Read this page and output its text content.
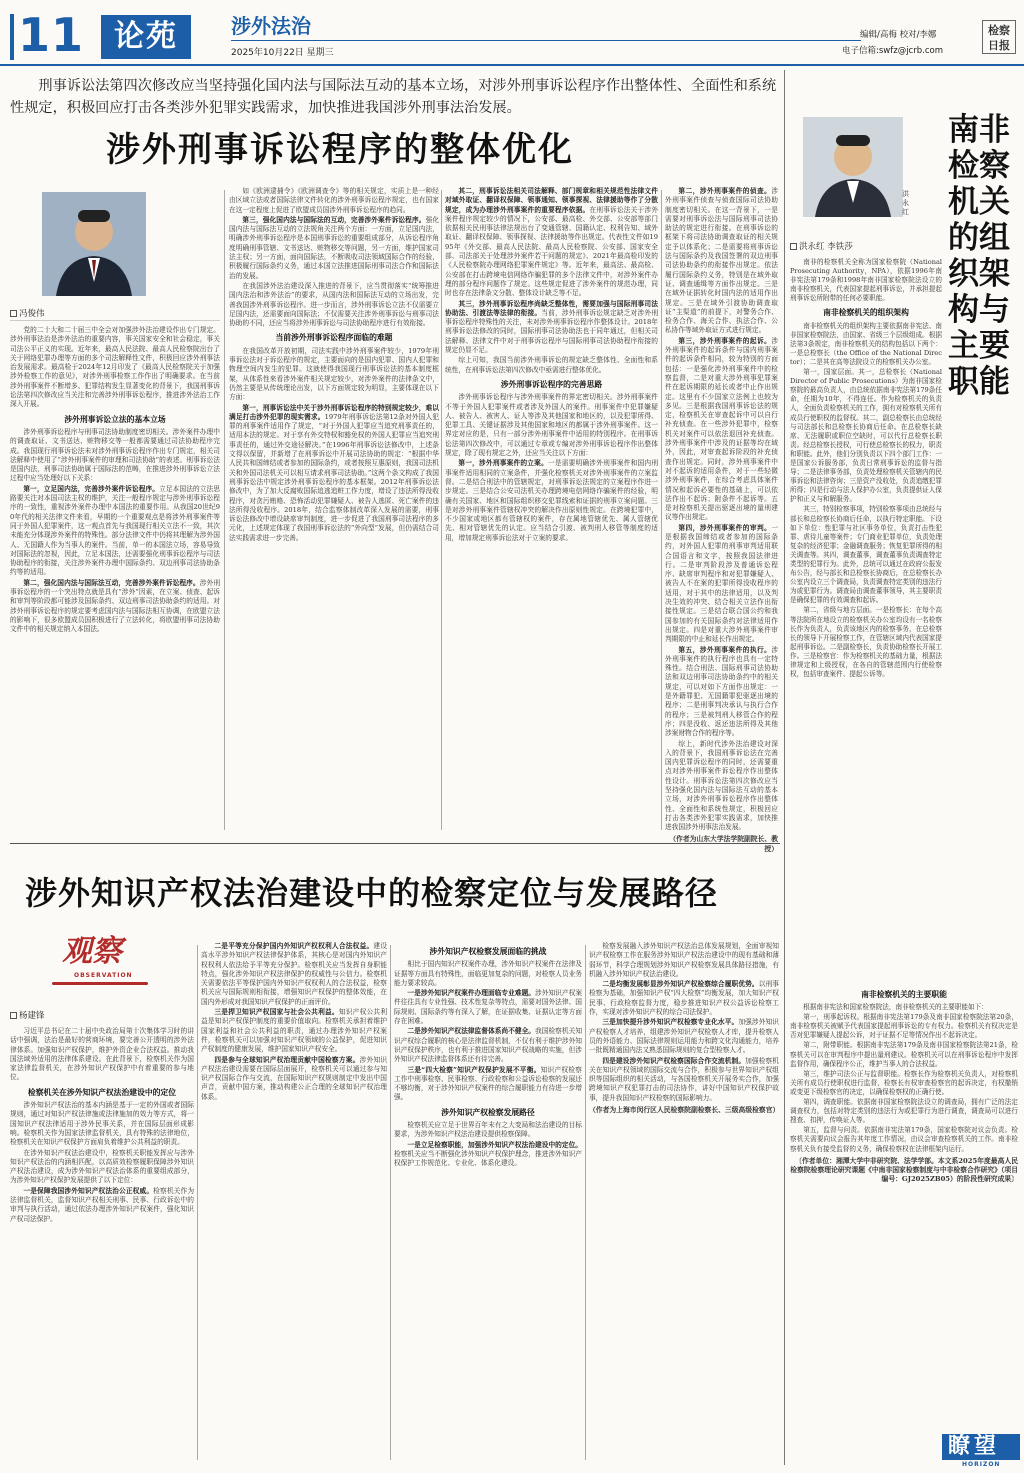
11 论苑	涉外法治
2025年10月22日 星期三
编辑/高梅 校对/李娜
电子信箱:swfz@jcrb.com
检察日报
刑事诉讼法第四次修改应当坚持强化国内法与国际法互动的基本立场，对涉外刑事诉讼程序作出整体性、全面性和系统性规定，积极回应打击各类涉外犯罪实践需求，加快推进我国涉外刑事法治发展。
涉外刑事诉讼程序的整体优化
冯俊伟

党的二十大和二十届三中全会对加强涉外法治建设作出专门规定。涉外刑事法治是涉外法治的重要内容，事关国家安全和社会稳定，事关司法公平正义的实现。近年来，最高人民法院、最高人民检察院出台了关于网络犯罪办理等方面的多个司法解释性文件，积极回应涉外刑事法治发展需求。最高检于2024年12月印发了《最高人民检察院关于加强涉外检察工作的意见》，对涉外刑事检察工作作出了明确要求。在当前涉外刑事案件不断增多、犯罪结构发生显著变化的背景下，我国刑事诉讼法第四次修改应当关注和完善涉外刑事诉讼程序，推进涉外法治工作深入开展。

涉外刑事诉讼立法的基本立场

涉外刑事诉讼程序与刑事司法协助制度密切相关。涉外案件办理中的调查取证、文书送达、赃物移交等一般都需要通过司法协助程序完成。我国现行刑事诉讼法未对涉外刑事诉讼程序作出专门规定，相关司法解释中使用了“涉外刑事案件的审理和司法协助”的表述。刑事诉讼法是国内法，刑事司法协助属于国际法的范畴，在推进涉外刑事诉讼立法过程中应当处理好以下关系：

第一，立足国内法，完善涉外案件诉讼程序。立足本国法的立法思路要关注对本国司法主权的维护，关注一般程序规定与涉外刑事诉讼程序的一致性，重视涉外案件办理中本国法的重要作用。从我国20世纪90年代的相关法律文件来看，早期的一个重要观点是将涉外刑事案件等同于外国人犯罪案件，这一观点首先与我国现行相关立法不一致，其次未能充分体现涉外案件的特殊性。部分法律文件中仍将其理解为涉外国人、无国籍人作为当事人的案件。当前，单一的本国法立场，容易导致对国际法的忽视，因此，立足本国法，还需要强化刑事诉讼程序与司法协助程序的衔接，关注涉外案件办理中国际条约、双边刑事司法协助条约等的适用。

第二，强化国内法与国际法互动，完善涉外案件诉讼程序。涉外刑事诉讼程序的一个突出特点就是具有“涉外”因素，在立案、侦查、起诉和审判等阶段都可能涉及国际条约、双边刑事司法协助条约的适用。对涉外刑事诉讼程序的规定要考虑国内法与国际法相互协调，在欧盟立法的影响下，很多欧盟成员国积极进行了立法转化，将欧盟刑事司法协助文件中的相关规定纳入本国法。

如《欧洲逮捕令》《欧洲调查令》等的相关规定，实质上是一种经由区域立法或者国际法律文件转化的涉外刑事诉讼程序规定，也有国家在这一定程度上促进了欧盟成员国涉外刑事诉讼程序的趋同。

第三，强化国内法与国际法的互动，完善涉外案件诉讼程序。强化国内法与国际法互动的立法规角关注两个方面：一方面，立足国内法，明确涉外刑事诉讼程序是本国刑事诉讼的重要组成部分，从诉讼程序角度明确刑事管辖、文书送达、赃物移交等问题，另一方面，维护国家司法主权；另一方面，面向国际法，不断吸收司法领域国际合作的经验，积极履行国际条约义务，通过本国立法推进国际刑事司法合作和国际法治的发展。

在我国涉外法治建设深入推进的背景下，应当贯彻落实“统筹推进国内法治和涉外法治”的要求，从国内法和国际法互动的立场出发，完善我国涉外刑事诉讼程序。进一步而言，涉外刑事诉讼立法不仅需要立足国内法，还需要面向国际法；不仅需要关注涉外刑事诉讼与刑事司法协助的不同，还应当将涉外刑事诉讼与司法协助程序进行有效衔接。

当前涉外刑事诉讼程序面临的难题

在我国改革开放初期，司法实践中涉外刑事案件较少，1979年刑事诉讼法对于诉讼程序的规定，主要面向的是国内犯罪、国内人犯罪和物理空间内发生的犯罪。这就使得我国现行刑事诉讼法的基本制度框架，从体系性来看涉外案件相关规定较少，对涉外案件的法律条文中，仍然主要是从传统理论出发，以下方面规定较为明显，主要体现在以下方面：

第一，刑事诉讼法中关于涉外刑事诉讼程序的特别规定较少，难以满足打击涉外犯罪的现实需求。1979年刑事诉讼法第12条对外国人犯罪的刑事案件适用作了规定，“对于外国人犯罪应当追究刑事责任的，适用本法的规定。对于享有外交特权和豁免权的外国人犯罪应当追究刑事责任的，通过外交途径解决。”在1996年刑事诉讼法修改中，上述条文得以保留，并新增了在刑事诉讼中开展司法协助的规定：“根据中华人民共和国缔结或者参加的国际条约，或者按照互惠原则，我国司法机关和外国司法机关可以相互请求刑事司法协助。”这两个条文构成了我国刑事诉讼法中规定涉外刑事诉讼程序的基本框架。2012年刑事诉讼法修改中，为了加大反腐败国际追逃追赃工作力度，增设了违法所得没收程序，对贪污贿赂、恐怖活动犯罪嫌疑人、被告人逃匿、死亡案件的违法所得没收程序。2018年，结合监察体制改革深入发展的需要，刑事诉讼法修改中增设缺席审判制度，进一步促进了我国刑事司法程序的多元化，上述规定体现了我国刑事诉讼法的“外向型”发展，但仍需结合司法实践需求进一步完善。

其二，刑事诉讼法相关司法解释、部门规章和相关规范性法律文件对域外取证、翻译权保障、领事通知、领事探视、法律援助等作了分散规定，成为办理涉外刑事案件的重要程序依据。在刑事诉讼法关于涉外案件程序规定较少的情况下，公安部、最高检、外交部、公安部等部门依据相关民刑事法律法规出台了变通管辖、国籍认定、权利告知、域外取证、翻译权保障、领事探视、法律援助等作出规定。代表性文件如1995年《外交部、最高人民法院、最高人民检察院、公安部、国家安全部、司法部关于处理涉外案件若干问题的规定》、2021年最高检印发的《人民检察院办理网络犯罪案件规定》等。近年来，最高法、最高检、公安部在打击跨境电信网络诈骗犯罪的多个法律文件中，对涉外案件办理的部分程序问题作了规定。这些规定促进了涉外案件的规范办理，同时也存在法律条文分散、整体设计缺乏等不足。

其三，涉外刑事诉讼程序尚缺乏整体性，需要加强与国际刑事司法协助法、引渡法等法律的衔接。当前，涉外刑事诉讼规定缺乏对涉外刑事诉讼程序特殊性的关注，未对涉外刑事诉讼程序作整体设计。2018年刑事诉讼法修改的同时，国际刑事司法协助法也于同年通过，但相关司法解释、法律文件中对于刑事诉讼程序与国际刑事司法协助程序衔接的规定仍显不足。

综上可知，我国当前涉外刑事诉讼的规定缺乏整体性、全面性和系统性，在刑事诉讼法第四次修改中亟需进行整体优化。

涉外刑事诉讼程序的完善思路

涉外刑事诉讼程序与涉外刑事案件的界定密切相关。涉外刑事案件不等于外国人犯罪案件或者涉及外国人的案件。刑事案件中犯罪嫌疑人、被告人、被害人、证人等涉及其他国家和地区的，以及犯罪所得、犯罪工具、关键证据涉及其他国家和地区的都属于涉外刑事案件。这一界定对应的是，只有一部分涉外刑事案件中适用的特别程序。在刑事诉讼法第四次修改中，可以通过专章或专编对涉外刑事诉讼程序作出整体规定，除了现有规定之外，还应当关注以下方面：

第一，涉外刑事案件的立案。一是需要明确涉外刑事案件和国内刑事案件适用相同的立案条件，并强化检察机关对涉外刑事案件的立案监督。二是结合刑法中的管辖规定，对刑事诉讼法规定的立案程序作进一步规定。三是结合公安司法机关办理跨境电信网络诈骗案件的经验，明确有关国家、地区和国际组织移交犯罪线索和证据的刑事立案问题。三是对涉外刑事案件管辖权冲突的解决作出原则性规定。在跨境犯罪中，不少国家或地区都有管辖权的案件，存在属地管辖优先、属人管辖优先、相对管辖优先的认定。应当结合引渡、被判刑人移管等制度的适用，增加规定刑事诉讼法对于立案的要求。

第二，涉外刑事案件的侦查。涉外刑事案件侦查与侦查国际司法协助制度密切相关。在这一背景下，一是需要对刑事诉讼法与国际刑事司法协助法的规定进行衔接。在刑事诉讼的框架下将司法协助调查取证的相关规定予以体系化；二是需要将刑事诉讼法与国际条约及我国签署的双边刑事司法协助条约的衔接作出规定。依法履行国际条约义务，特别是在域外取证、调查通缉等方面作出规定。三是在域外证据转化时国内法的适用作出规定。三是在域外引渡协助调查取证“主渠道”的前提下，对警务合作、检务合作、海关合作、执法合作、公私协作等域外取证方式进行规定。

第三，涉外刑事案件的起诉。涉外刑事案件的起诉条件与国内刑事案件的起诉条件相同，较为特别的方面包括：一是强化涉外刑事案件中的检察监督，二是对重大涉外刑事犯罪案件在起诉期限的延长或者中止作出规定。这里有不少国家立法例上也较为多见。三是根据我国刑事诉讼法的规定，检察机关在审查起诉中可以自行补充侦查。在一些涉外犯罪中，检察机关对案件可以依法退回补充侦查。涉外刑事案件中涉及的证据等均在域外，因此，对审查起诉阶段的补充侦查作出规定。同时，涉外刑事案件中对不起诉的适用条件，对于一些轻微涉外刑事案件，在综合考虑具体案件情况和起诉必要性的基础上，可以依法作出不起诉；附条件不起诉等。五是对检察机关提出驱逐出境的量刑建议等作出规定。

第四，涉外刑事案件的审判。一是根据我国缔结或者参加的国际条约，对外国人犯罪的刑事审判适用联合国语言和文字，按照我国法律进行。二是审判阶段涉及普通诉讼程序、缺席审判程序和对犯罪嫌疑人、被告人不在案的犯罪所得没收程序的适用，对于其中的法律适用，以及判决生效的冲突、结合相关立法作出衔接性规定。三是结合联合国公约和我国参加的有关国际条约对法律适用作出规定。四是对重大涉外刑事案件审判期限的中止和延长作出规定。

第五，涉外刑事案件的执行。涉外刑事案件的执行程序也具有一定特殊性。结合刑法、国际刑事司法协助法和双边刑事司法协助条约中的相关规定，可以对如下方面作出规定：一是外籍罪犯、无国籍罪犯驱逐出境的程序；二是刑事判决承认与执行合作的程序；三是被判刑人移管合作的程序；四是没收、返还违法所得及其他涉案财物合作的程序等。

综上，新时代涉外法治建设对深入的背景下，我国刑事诉讼法在完善国内犯罪诉讼程序的同时，还需要重点对涉外刑事案件诉讼程序作出整体性设计。刑事诉讼法第四次修改应当坚持强化国内法与国际法互动的基本立场，对涉外刑事诉讼程序作出整体性、全面性和系统性规定，积极回应打击各类涉外犯罪实践需求，加快推进我国涉外刑事法治发展。

（作者为山东大学法学院副院长、教授）

洪永红
南非检察机关的组织架构与主要职能
洪永红 李铁莎

南非的检察机关全称为国家检察院（National Prosecuting Authority，NPA），依据1996年南非宪法第179条和1998年南非国家检察院法设立的南非检察机关，代表国家提起刑事诉讼，并承担提起刑事诉讼所附带的任何必要职能。

南非检察机关的组织架构

南非检察机关的组织架构主要依据南非宪法、南非国家检察院法，由国家、省级三个层级组成。根据法第3条规定，南非检察机关的结构包括以下两个：一是总检察长（the Office of the National Director）；二是其在高等法院设立的检察机关办公室。

第一，国家层面。其一，总检察长（National Director of Public Prosecutions）为南非国家检察院的最高负责人，由总统依据南非宪法第179条任命，任期为10年，不得连任。作为检察机关的负责人，全面负责检察机关的工作，拥有对检察机关所有成员行使职权的监督权。其二，副总检察长由总统经与司法部长和总检察长协商后任命。在总检察长缺席、无法履职或职位空缺时，可以代行总检察长职责。经总检察长授权，可行使总检察长的权力，职责和职能。此外，他们分别负责以下四个部门工作：一是国家公诉服务部，负责日常刑事诉讼的监督与指导；二是法律事务部，负责处理检察机关管辖内的民事诉讼和法律咨询；三是资产没收处，负责追缴犯罪所得；四是行动与法人保护办公室，负责提供证人保护和正义与和解服务。

其三，特别检察事项，特别检察事项由总统经与部长和总检察长协商后任命，以执行特定职能。下设如下单位：性犯罪与社区事务单位，负责打击性犯罪、虐待儿童等案件；专门商业犯罪单位，负责处理复杂的经济犯罪；金融调查服务；恢复犯罪所得的相关调查等。其四，调查董事，调查董事负责调查特定类型的犯罪行为。此外，总统可以通过在政府公报发布公告，经与部长和总检察长协商后，在总检察长办公室内设立三个调查局，负责调查特定类别的违法行为或犯罪行为。调查局由调查董事领导，其主要职责是确保犯罪的有效调查和起诉。

第二，省级与地方层面。一是检察长：在每个高等法院所在地设立的检察机关办公室均设有一名检察长作为负责人，负责该地区内的检察事务，在总检察长的领导下开展检察工作，在管辖区域内代表国家提起刑事诉讼。二是副检察长，负责协助检察长开展工作。三是检察官：作为检察机关的基础力量，根据法律规定和上级授权，在各自的管辖范围内行使检察权，包括审查案件、提起公诉等。

南非检察机关的主要职能

根据南非宪法和国家检察院法，南非检察机关的主要职能如下：

第一，刑事起诉权。根据南非宪法第179条及南非国家检察院法第20条，南非检察机关被赋予代表国家提起刑事诉讼的专有权力。检察机关有权决定是否对犯罪嫌疑人提起公诉，对于证据不足等情况作出不起诉决定。

第二，附带职能。根据南非宪法第179条及南非国家检察院法第21条，检察机关可以在审判程序中提出量刑建议。检察机关可以在刑事诉讼程序中发挥监督作用，确保程序公正，维护当事人的合法权益。

第三，维护司法公正与监督职能。检察长作为检察机关负责人，对检察机关所有成员行使职权进行监督，检察长有权审查检察官的起诉决定，有权撤销或变更下级检察官的决定，以确保检察权的正确行使。

第四，调查职能。依据南非国家检察院法设立的调查局，拥有广泛的法定调查权力，包括对特定类别的违法行为或犯罪行为进行调查，调查局可以进行搜查、扣押，传唤证人等。

第五，监督与问责。依据南非宪法第179条，国家检察院对议会负责。检察机关需要向议会报告其年度工作情况，由议会审查检察机关的工作。南非检察机关负有接受监督的义务，确保检察权在法律框架内运行。

〔作者单位：湘潭大学中非研究院、法学学部。本文系2025年度最高人民检察院检察理论研究课题《中南非国家检察制度与中非检察合作研究》（项目编号：GJ2025ZB05）的阶段性研究成果〕

涉外知识产权法治建设中的检察定位与发展路径
观察
OBSERVATION
杨建锋

习近平总书记在二十届中央政治局第十次集体学习时的讲话中强调，法治是最好的营商环境，要完善公开透明的涉外法律体系。加强知识产权保护，维护外资企业合法权益。推动我国法域外适用的法律体系建设。在此背景下，检察机关作为国家法律监督机关，在涉外知识产权保护中有着重要的参与地位。

检察机关在涉外知识产权法治建设中的定位

涉外知识产权法治的基本内涵是基于一定的外国或者国际规则，通过对知识产权法律施或法律施加的效力等方式，将一国知识产权法律适用于涉外民事关系，并在国际层面形成影响。检察机关作为国家法律监督机关，具有特殊的法律地位，检察机关在知识产权保护方面肩负着维护公共利益的职责。

在涉外知识产权法治建设中，检察机关职能发挥应与涉外知识产权法治的内涵相匹配，以高质效检察履职保障涉外知识产权法治建设，成为涉外知识产权法治体系的重要组成部分，为涉外知识产权保护发展提供了以下定位：

一是保障我国涉外知识产权法治公正权威。检察机关作为法律监督机关，监督知识产权相关刑事、民事、行政诉讼中的审判与执行活动，通过依法办理涉外知识产权案件，强化知识产权司法保护。

二是平等充分保护国内外知识产权权利人合法权益。建设高水平涉外知识产权法律保护体系，其核心是对国内外知识产权权利人依法给予平等充分保护。检察机关应当发挥自身职能特点，强化涉外知识产权法律保护的权威性与公信力。检察机关需要依法平等保护国内外知识产权权利人的合法权益，检察机关应与国际规则相衔接，增强知识产权保护的整体效能，在国内外形成对我国知识产权保护的正面评价。

三是捍卫知识产权国家与社会公共利益。知识产权公共利益是知识产权保护制度的重要价值取向。检察机关承担着维护国家利益和社会公共利益的职责，通过办理涉外知识产权案件，检察机关可以加强对知识产权领域的公益保护，促进知识产权制度的健康发展，维护国家知识产权安全。

四是参与全球知识产权治理贡献中国检察方案。涉外知识产权法治建设需要在国际层面展开，检察机关可以通过参与知识产权国际合作与交流，在国际知识产权规则制定中发出中国声音，贡献中国方案，推动构建公正合理的全球知识产权治理体系。

涉外知识产权检察发展面临的挑战

相比于国内知识产权案件办理，涉外知识产权案件在法律及证据等方面具有特殊性，面临更加复杂的问题，对检察人员业务能力要求较高。

一是涉外知识产权案件办理面临专业难题。涉外知识产权案件往往具有专业性强、技术性复杂等特点，需要对国外法律、国际规则、国际条约等有深入了解，在证据收集、证据认定等方面存在困难。

二是涉外知识产权法律监督体系尚不健全。我国检察机关知识产权综合履职的核心是法律监督机制，不仅有利于维护涉外知识产权保护秩序，也有利于推进国家知识产权战略的实施，但涉外知识产权法律监督体系还有待完善。

三是“四大检察”知识产权保护发展不平衡。知识产权检察工作中刑事检察、民事检察、行政检察和公益诉讼检察的发展还不够均衡，对于涉外知识产权案件的综合履职能力有待进一步增强。

涉外知识产权检察发展路径

检察机关应立足于世界百年未有之大变局和法治建设的目标要求，为涉外知识产权法治建设提供检察保障。

一是立足检察职能，加强涉外知识产权法治建设中的定位。检察机关应当不断强化涉外知识产权保护理念，推进涉外知识产权保护工作规范化、专业化、体系化建设。

检察发展融入涉外知识产权法治总体发展规划，全面审视知识产权检察工作在服务涉外知识产权法治建设中的现有基础和薄弱环节，科学合理规划涉外知识产权检察发展具体路径措施，有机融入涉外知识产权法治建设。

二是均衡发展彰显涉外知识产权检察综合履职优势。以刑事检察为基础，加强知识产权“四大检察”均衡发展，加大知识产权民事、行政检察监督力度，稳步推进知识产权公益诉讼检察工作，实现对涉外知识产权的综合司法保护。

三是加快提升涉外知识产权检察专业化水平。加强涉外知识产权检察人才培养，组建涉外知识产权检察人才库，提升检察人员的外语能力、国际法律规则运用能力和跨文化沟通能力，培养一批既精通国内法又熟悉国际规则的复合型检察人才。

四是建设涉外知识产权检察国际合作交流机制。加强检察机关在知识产权领域的国际交流与合作，积极参与世界知识产权组织等国际组织的相关活动，与各国检察机关开展务实合作，加强跨境知识产权犯罪打击的司法协作，讲好中国知识产权保护故事，提升我国知识产权检察的国际影响力。

（作者为上海市闵行区人民检察院副检察长、三级高级检察官）

瞭望
HORIZON
